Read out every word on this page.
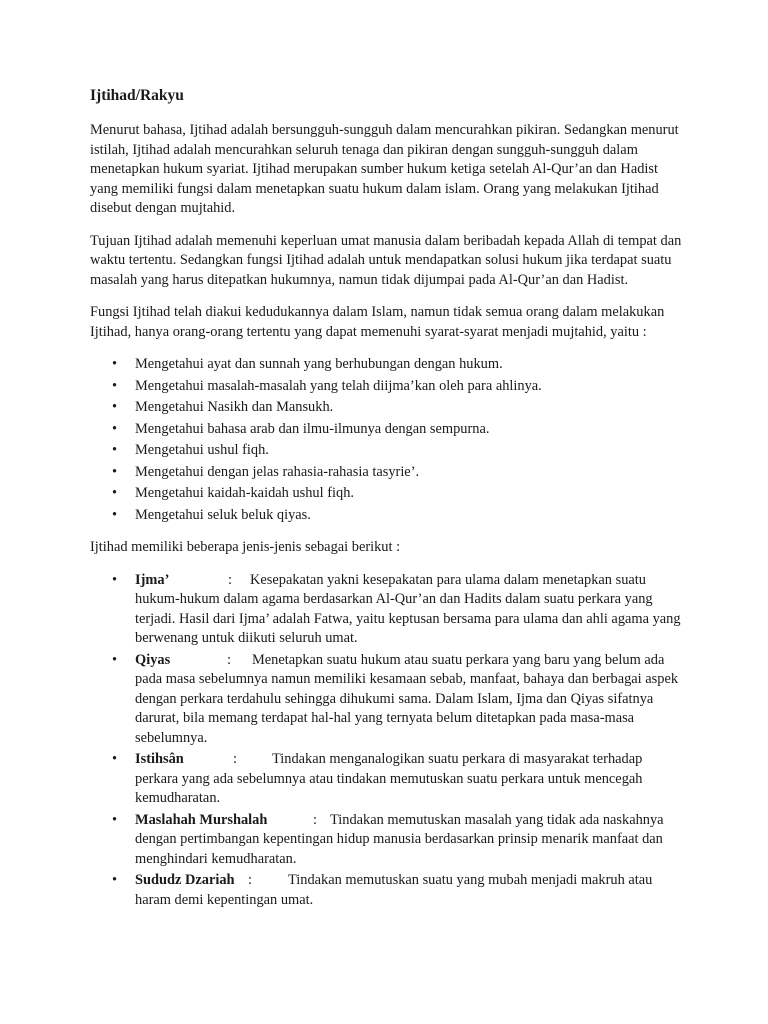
Ijtihad/Rakyu

Menurut bahasa, Ijtihad adalah bersungguh-sungguh dalam mencurahkan pikiran. Sedangkan menurut istilah, Ijtihad adalah mencurahkan seluruh tenaga dan pikiran dengan sungguh-sungguh dalam menetapkan hukum syariat. Ijtihad merupakan sumber hukum ketiga setelah Al-Qur’an dan Hadist yang memiliki fungsi dalam menetapkan suatu hukum dalam islam. Orang yang melakukan Ijtihad disebut dengan mujtahid.

Tujuan Ijtihad adalah memenuhi keperluan umat manusia dalam beribadah kepada Allah di tempat dan waktu tertentu. Sedangkan fungsi Ijtihad adalah untuk mendapatkan solusi hukum jika terdapat suatu masalah yang harus ditepatkan hukumnya, namun tidak dijumpai pada Al-Qur’an dan Hadist.

Fungsi Ijtihad telah diakui kedudukannya dalam Islam, namun tidak semua orang dalam melakukan Ijtihad, hanya orang-orang tertentu yang dapat memenuhi syarat-syarat menjadi mujtahid, yaitu :

• Mengetahui ayat dan sunnah yang berhubungan dengan hukum.
• Mengetahui masalah-masalah yang telah diijma’kan oleh para ahlinya.
• Mengetahui Nasikh dan Mansukh.
• Mengetahui bahasa arab dan ilmu-ilmunya dengan sempurna.
• Mengetahui ushul fiqh.
• Mengetahui dengan jelas rahasia-rahasia tasyrie’.
• Mengetahui kaidah-kaidah ushul fiqh.
• Mengetahui seluk beluk qiyas.

Ijtihad memiliki beberapa jenis-jenis sebagai berikut :

• Ijma’	: Kesepakatan yakni kesepakatan para ulama dalam menetapkan suatu hukum-hukum dalam agama berdasarkan Al-Qur’an dan Hadits dalam suatu perkara yang terjadi. Hasil dari Ijma’ adalah Fatwa, yaitu keptusan bersama para ulama dan ahli agama yang berwenang untuk diikuti seluruh umat.
• Qiyas	: Menetapkan suatu hukum atau suatu perkara yang baru yang belum ada pada masa sebelumnya namun memiliki kesamaan sebab, manfaat, bahaya dan berbagai aspek dengan perkara terdahulu sehingga dihukumi sama. Dalam Islam, Ijma dan Qiyas sifatnya darurat, bila memang terdapat hal-hal yang ternyata belum ditetapkan pada masa-masa sebelumnya.
• Istihsân	: Tindakan menganalogikan suatu perkara di masyarakat terhadap perkara yang ada sebelumnya atau tindakan memutuskan suatu perkara untuk mencegah kemudharatan.
• Maslahah Murshalah	: Tindakan memutuskan masalah yang tidak ada naskahnya dengan pertimbangan kepentingan hidup manusia berdasarkan prinsip menarik manfaat dan menghindari kemudharatan.
• Sududz Dzariah :	Tindakan memutuskan suatu yang mubah menjadi makruh atau haram demi kepentingan umat.
